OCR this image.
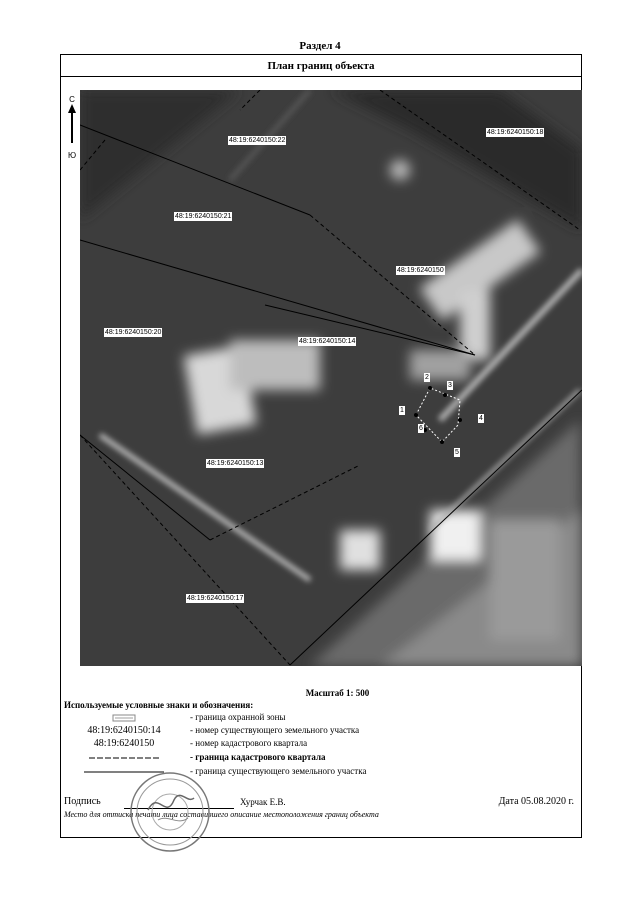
Раздел 4
План границ объекта
48:19:6240150:22
48:19:6240150:18
48:19:6240150:21
48:19:6240150
48:19:6240150:20
48:19:6240150:14
48:19:6240150:13
48:19:6240150:17
1
2
3
4
5
6
С
Ю
Масштаб 1: 500
Используемые условные знаки и обозначения:
- граница охранной зоны
48:19:6240150:14	- номер существующего земельного участка
48:19:6240150	- номер кадастрового квартала
- граница кадастрового квартала
- граница существующего земельного участка
Подпись	Хурчак Е.В.	Дата 05.08.2020 г.
Место для оттиска печати лица составившего описание местоположения границ объекта
